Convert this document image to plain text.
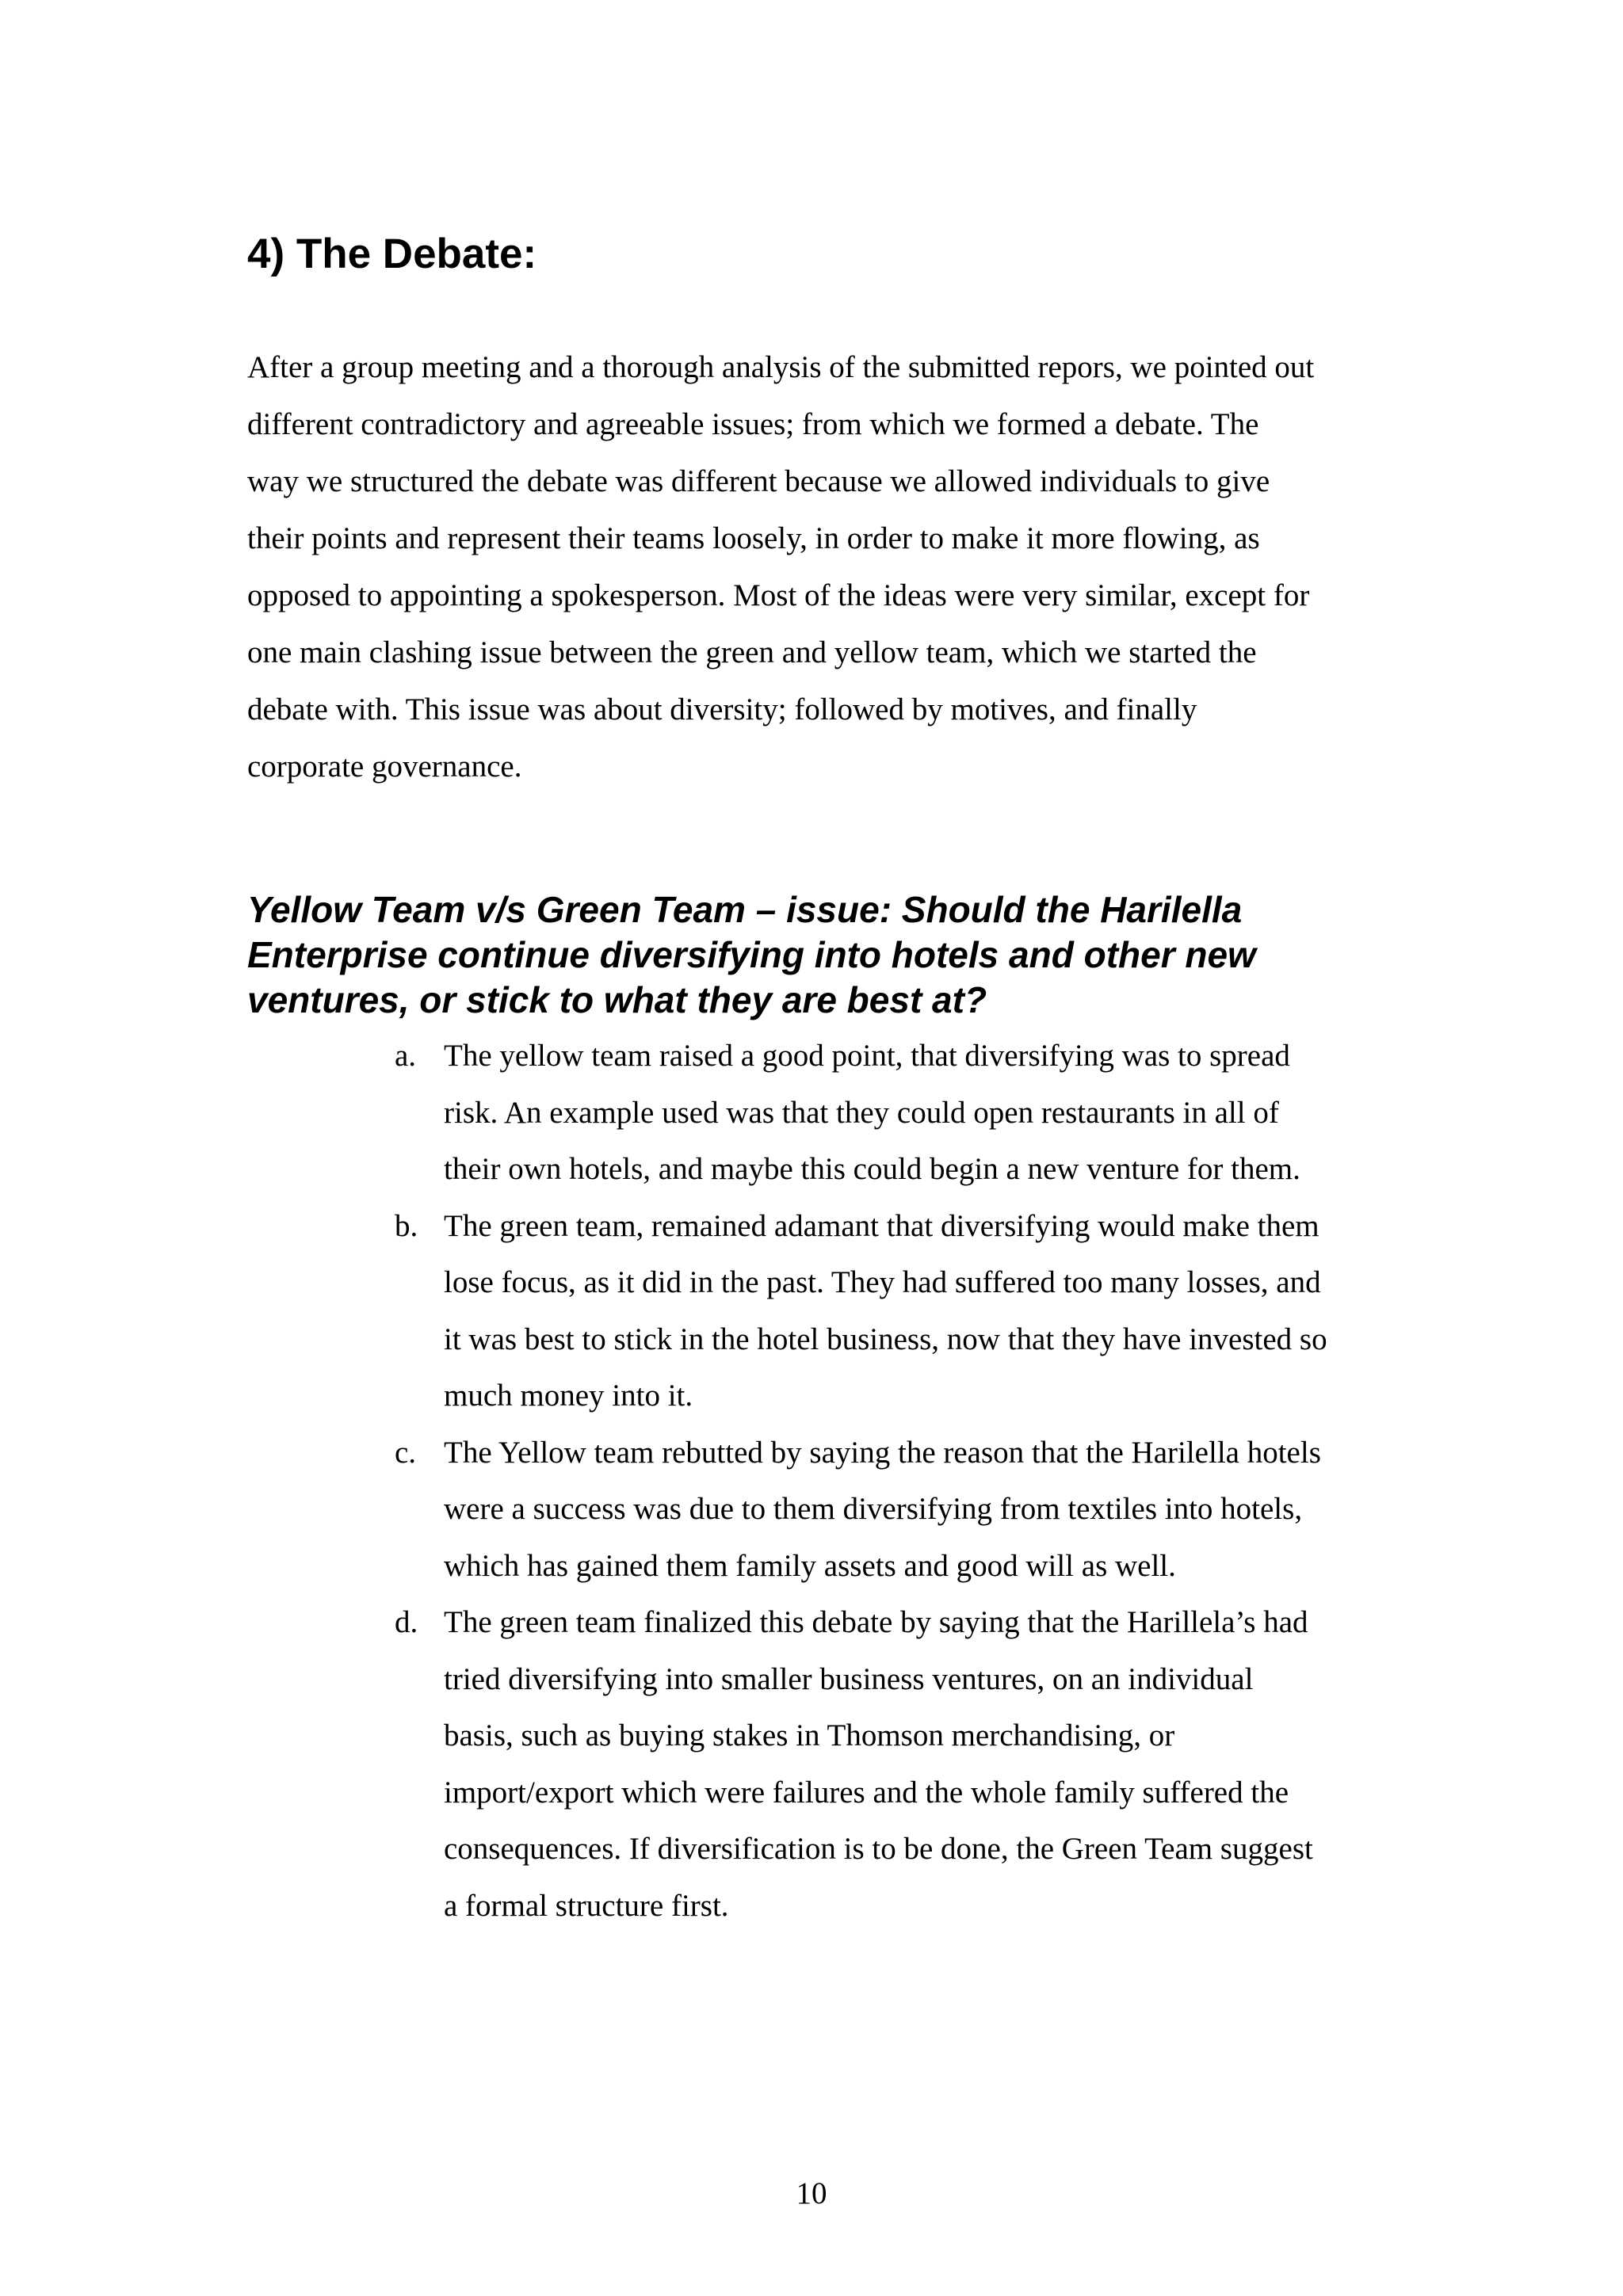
4) The Debate:

After a group meeting and a thorough analysis of the submitted repors, we pointed out
different contradictory and agreeable issues; from which we formed a debate. The
way we structured the debate was different because we allowed individuals to give
their points and represent their teams loosely, in order to make it more flowing, as
opposed to appointing a spokesperson. Most of the ideas were very similar, except for
one main clashing issue between the green and yellow team, which we started the
debate with. This issue was about diversity; followed by motives, and finally
corporate governance.

Yellow Team v/s Green Team – issue: Should the Harilella
Enterprise continue diversifying into hotels and other new
ventures, or stick to what they are best at?
a. The yellow team raised a good point, that diversifying was to spread
risk. An example used was that they could open restaurants in all of
their own hotels, and maybe this could begin a new venture for them.
b. The green team, remained adamant that diversifying would make them
lose focus, as it did in the past. They had suffered too many losses, and
it was best to stick in the hotel business, now that they have invested so
much money into it.
c. The Yellow team rebutted by saying the reason that the Harilella hotels
were a success was due to them diversifying from textiles into hotels,
which has gained them family assets and good will as well.
d. The green team finalized this debate by saying that the Harillela’s had
tried diversifying into smaller business ventures, on an individual
basis, such as buying stakes in Thomson merchandising, or
import/export which were failures and the whole family suffered the
consequences. If diversification is to be done, the Green Team suggest
a formal structure first.
10
